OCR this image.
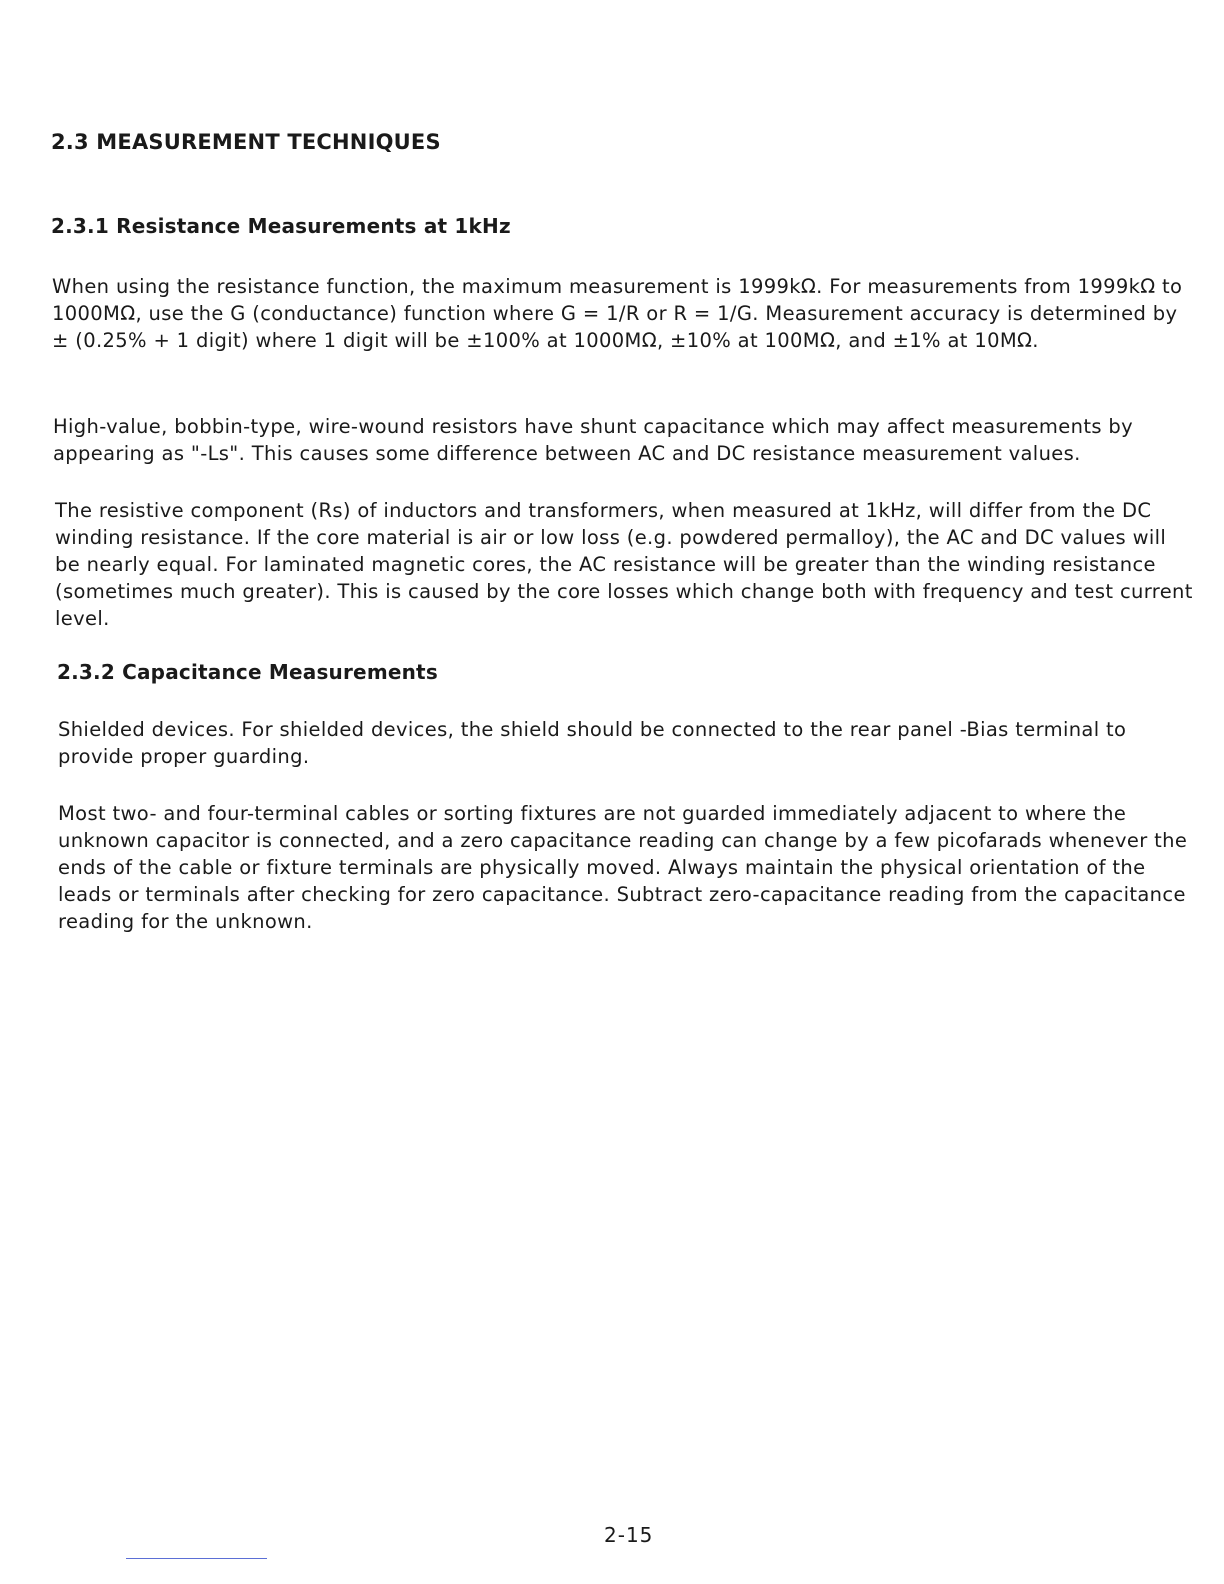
2.3 MEASUREMENT TECHNIQUES
2.3.1 Resistance Measurements at 1kHz

When using the resistance function, the maximum measurement is 1999kΩ. For measurements from 1999kΩ to 1000MΩ, use the G (conductance) function where G = 1/R or R = 1/G. Measurement accuracy is determined by ± (0.25% + 1 digit) where 1 digit will be ±100% at 1000MΩ, ±10% at 100MΩ, and ±1% at 10MΩ.

High-value, bobbin-type, wire-wound resistors have shunt capacitance which may affect measurements by appearing as "-Ls". This causes some difference between AC and DC resistance measurement values.

The resistive component (Rs) of inductors and transformers, when measured at 1kHz, will differ from the DC winding resistance. If the core material is air or low loss (e.g. powdered permalloy), the AC and DC values will be nearly equal. For laminated magnetic cores, the AC resistance will be greater than the winding resistance (sometimes much greater). This is caused by the core losses which change both with frequency and test current level.

2.3.2 Capacitance Measurements

Shielded devices. For shielded devices, the shield should be connected to the rear panel -Bias terminal to provide proper guarding.

Most two- and four-terminal cables or sorting fixtures are not guarded immediately adjacent to where the unknown capacitor is connected, and a zero capacitance reading can change by a few picofarads whenever the ends of the cable or fixture terminals are physically moved. Always maintain the physical orientation of the leads or terminals after checking for zero capacitance. Subtract zero-capacitance reading from the capacitance reading for the unknown.

2-15
